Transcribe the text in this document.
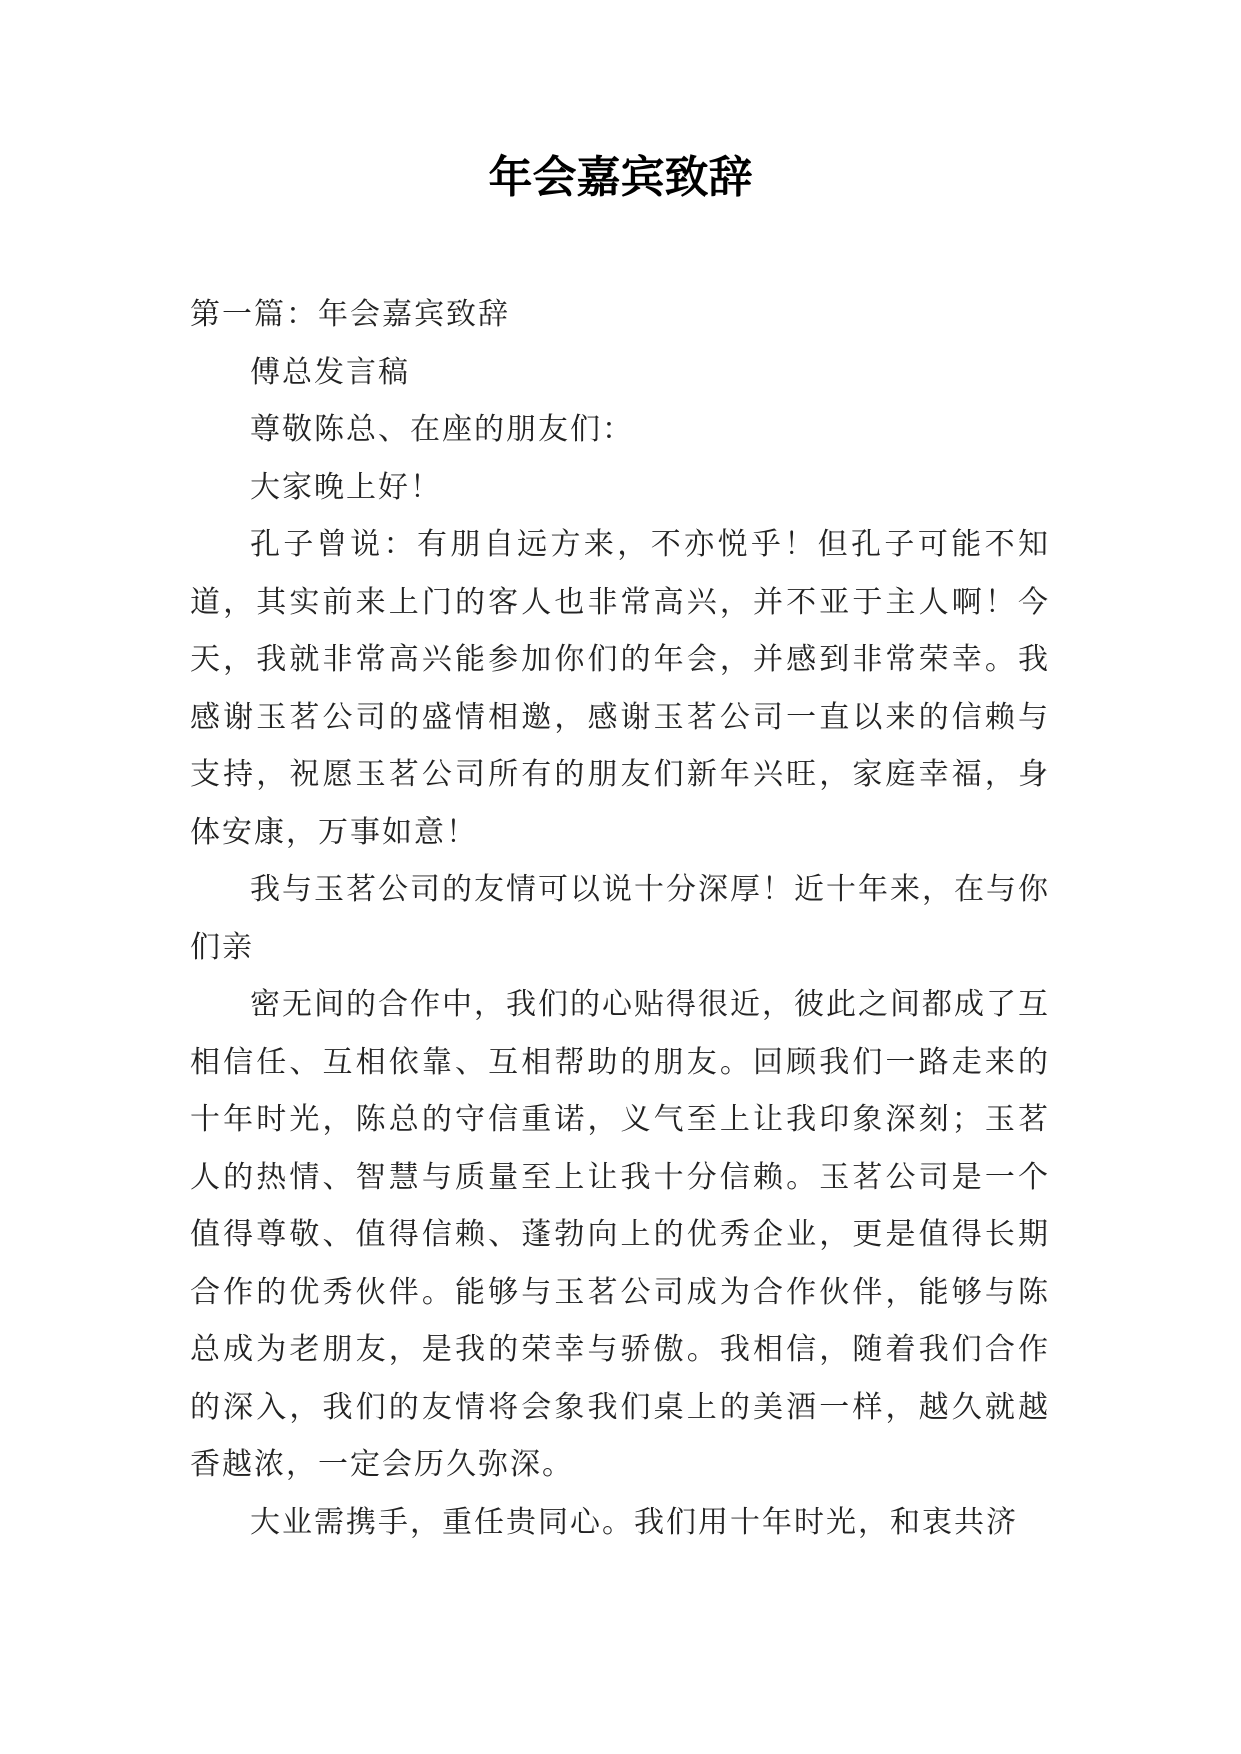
年会嘉宾致辞

第一篇：年会嘉宾致辞

傅总发言稿

尊敬陈总、在座的朋友们：

大家晚上好！

孔子曾说：有朋自远方来，不亦悦乎！但孔子可能不知道，其实前来上门的客人也非常高兴，并不亚于主人啊！今天，我就非常高兴能参加你们的年会，并感到非常荣幸。我感谢玉茗公司的盛情相邀，感谢玉茗公司一直以来的信赖与支持，祝愿玉茗公司所有的朋友们新年兴旺，家庭幸福，身体安康，万事如意！

我与玉茗公司的友情可以说十分深厚！近十年来，在与你们亲

密无间的合作中，我们的心贴得很近，彼此之间都成了互相信任、互相依靠、互相帮助的朋友。回顾我们一路走来的十年时光，陈总的守信重诺，义气至上让我印象深刻；玉茗人的热情、智慧与质量至上让我十分信赖。玉茗公司是一个值得尊敬、值得信赖、蓬勃向上的优秀企业，更是值得长期合作的优秀伙伴。能够与玉茗公司成为合作伙伴，能够与陈总成为老朋友，是我的荣幸与骄傲。我相信，随着我们合作的深入，我们的友情将会象我们桌上的美酒一样，越久就越香越浓，一定会历久弥深。

大业需携手，重任贵同心。我们用十年时光，和衷共济
